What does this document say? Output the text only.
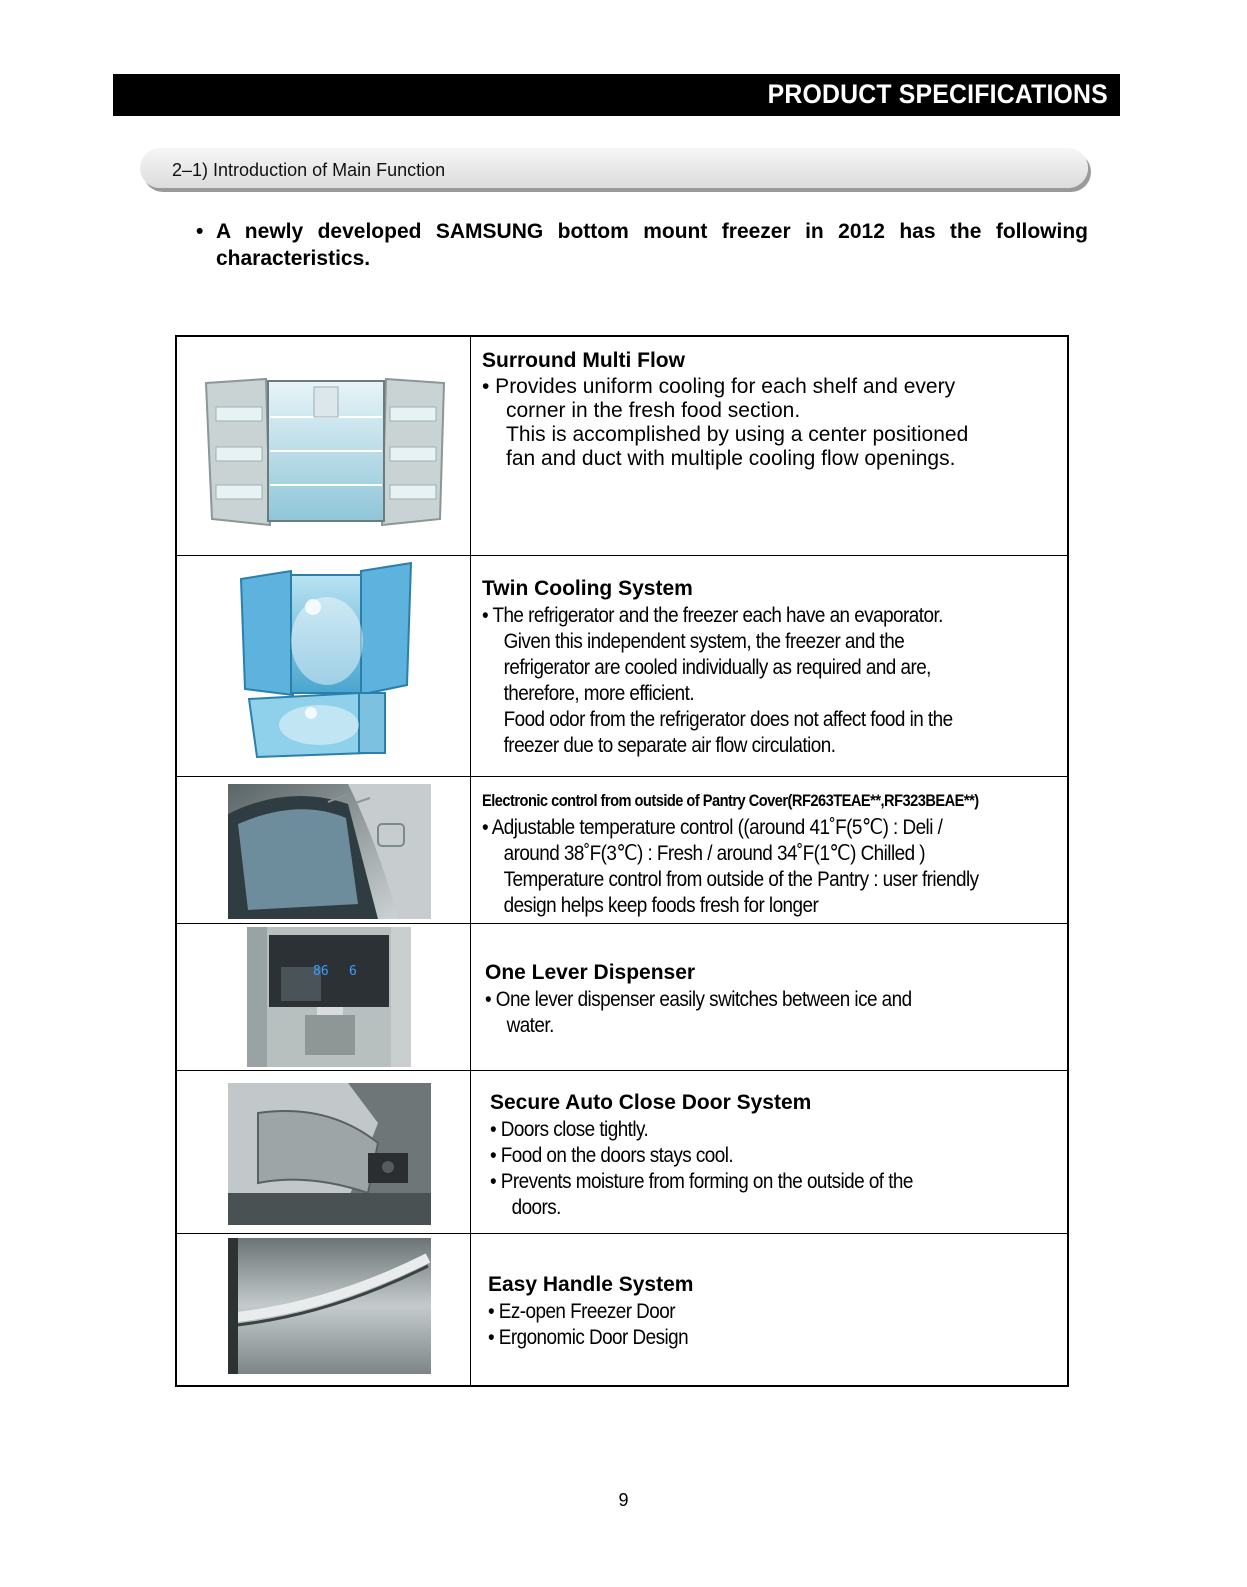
PRODUCT SPECIFICATIONS
2–1) Introduction of Main Function
• A newly developed SAMSUNG bottom mount freezer in 2012 has the following characteristics.
Surround Multi Flow
• Provides uniform cooling for each shelf and every
corner in the fresh food section.
This is accomplished by using a center positioned
fan and duct with multiple cooling flow openings.
Twin Cooling System
• The refrigerator and the freezer each have an evaporator.
Given this independent system, the freezer and the
refrigerator are cooled individually as required and are,
therefore, more efficient.
Food odor from the refrigerator does not affect food in the
freezer due to separate air flow circulation.
Electronic control from outside of Pantry Cover(RF263TEAE**,RF323BEAE**)
• Adjustable temperature control ((around 41˚F(5℃) : Deli /
around 38˚F(3℃) : Fresh / around 34˚F(1℃) Chilled )
Temperature control from outside of the Pantry : user friendly
design helps keep foods fresh for longer
86 6	One Lever Dispenser
• One lever dispenser easily switches between ice and
water.
Secure Auto Close Door System
• Doors close tightly.
• Food on the doors stays cool.
• Prevents moisture from forming on the outside of the
doors.
Easy Handle System
• Ez-open Freezer Door
• Ergonomic Door Design
9
